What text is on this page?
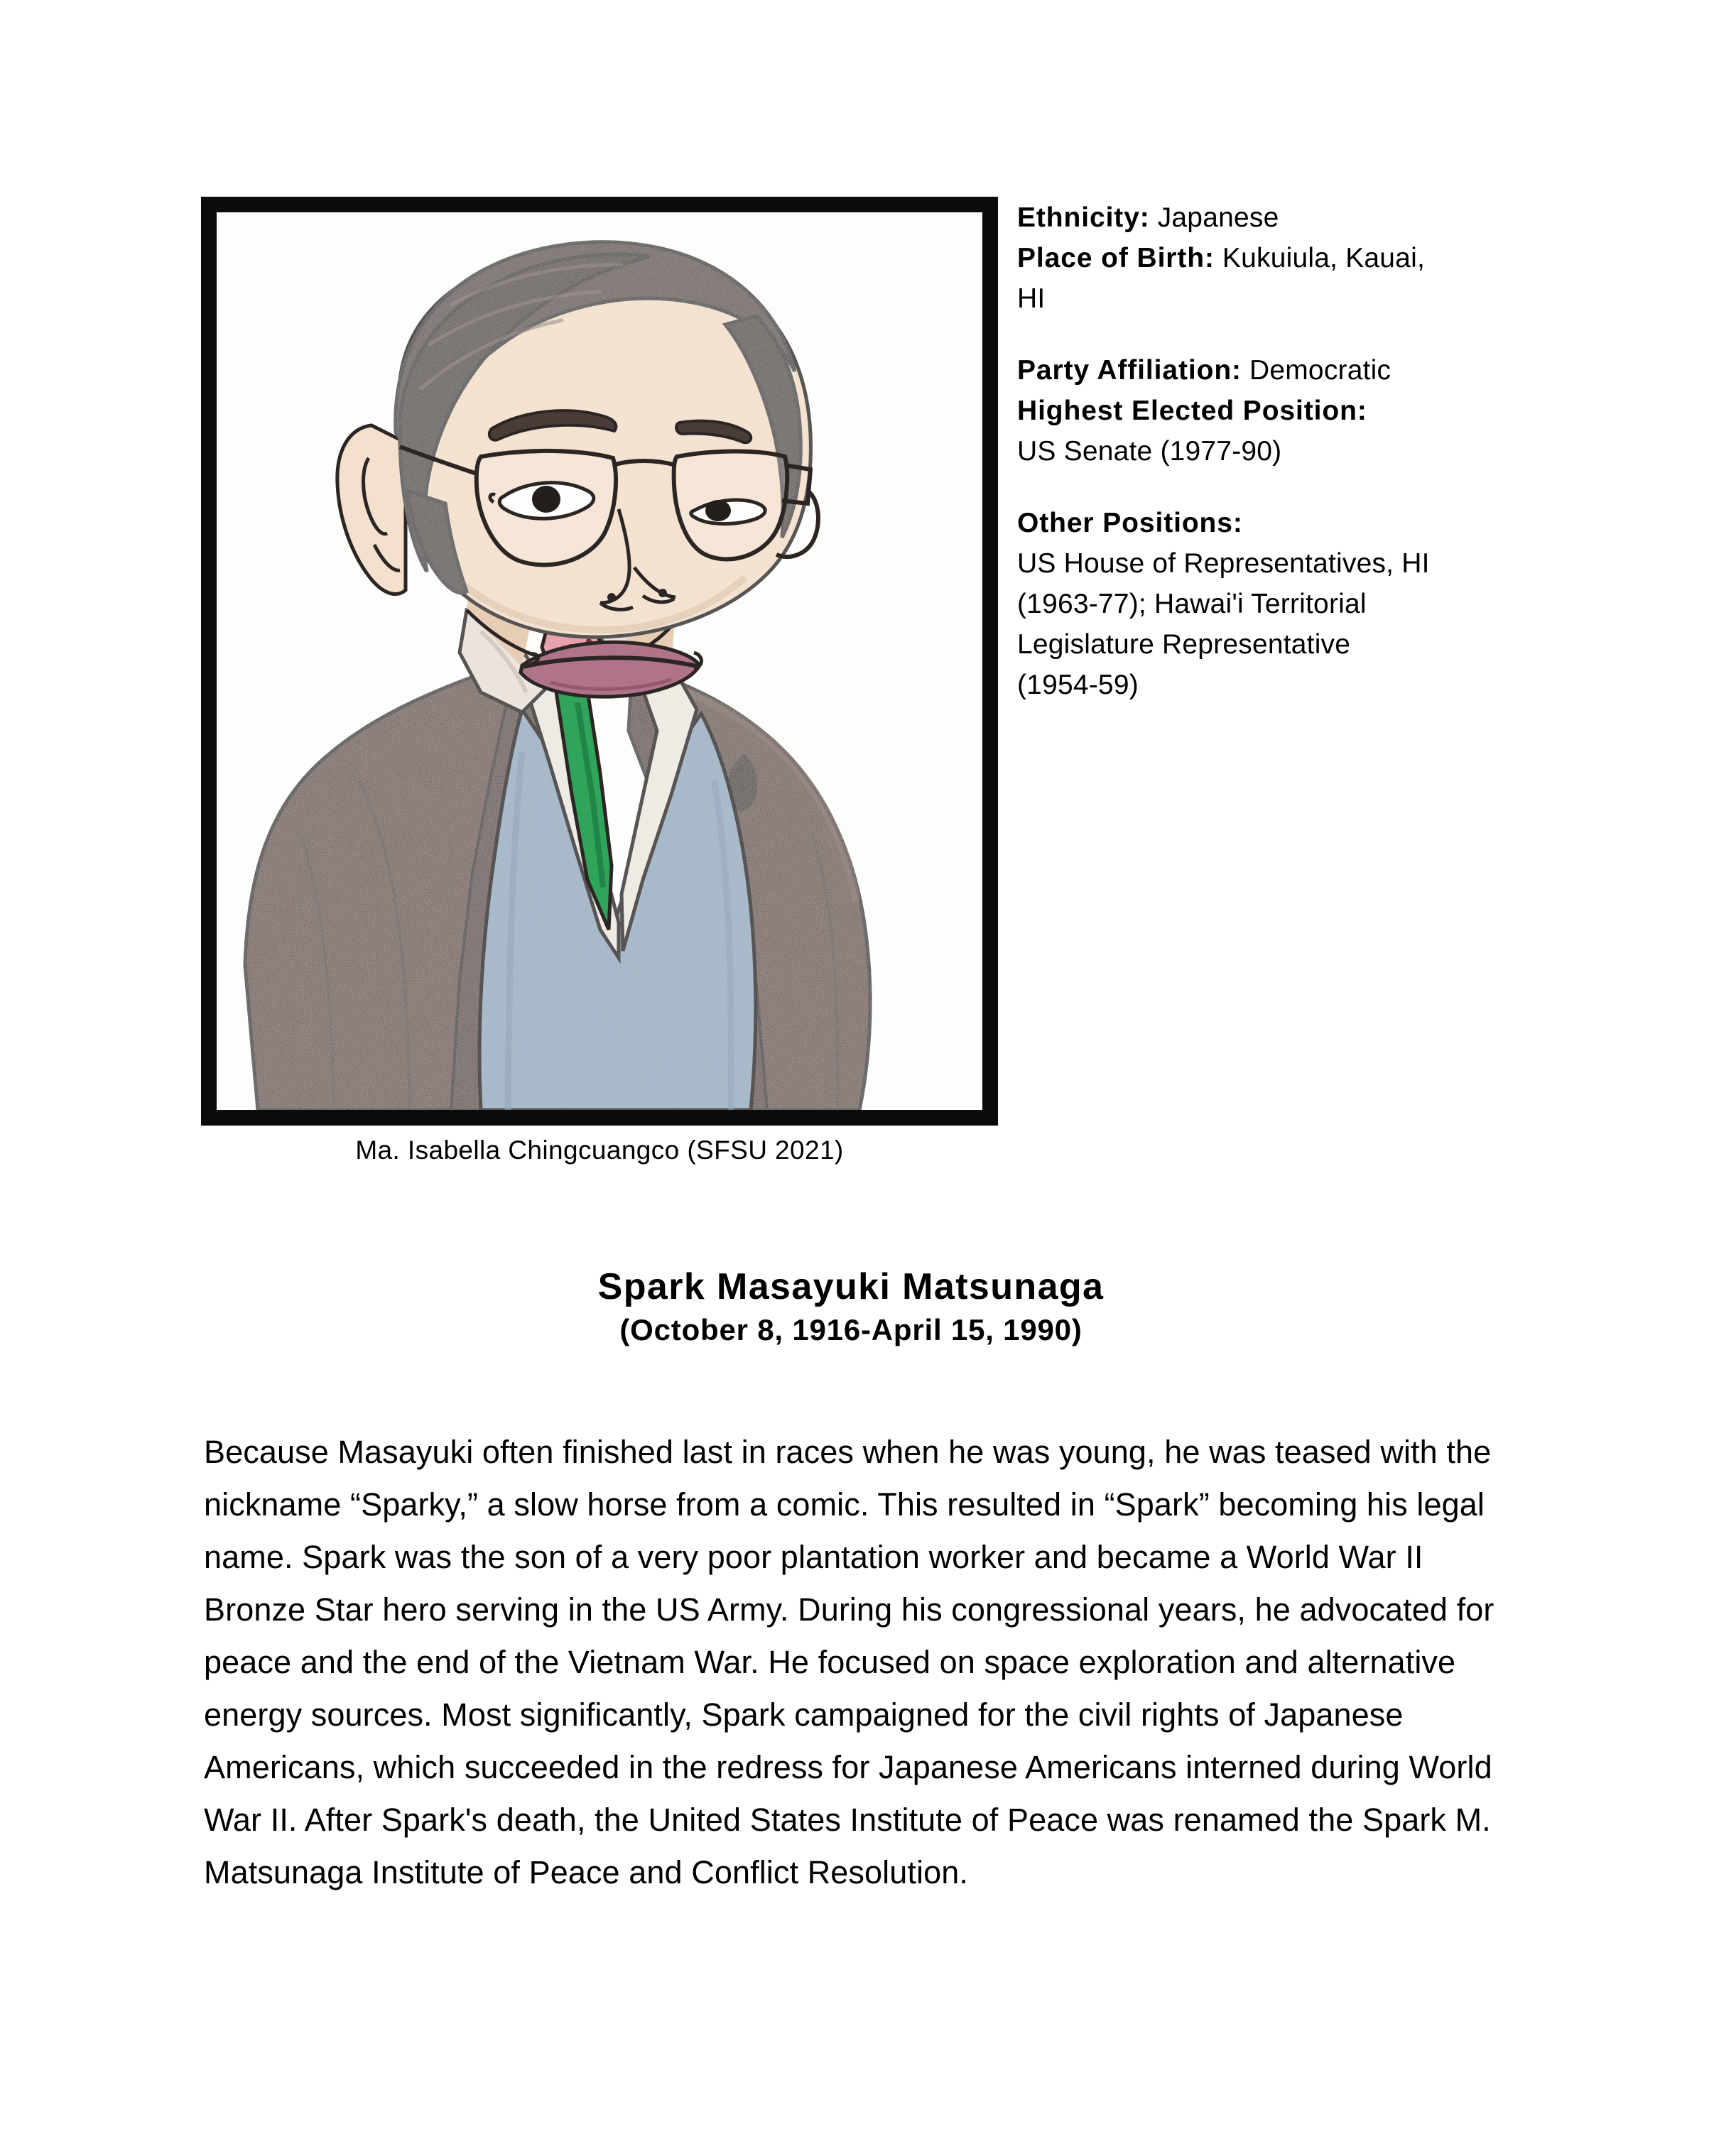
Ma. Isabella Chingcuangco (SFSU 2021)
Ethnicity: Japanese
Place of Birth: Kukuiula, Kauai,
HI
Party Affiliation: Democratic
Highest Elected Position:
US Senate (1977-90)
Other Positions:
US House of Representatives, HI
(1963-77); Hawai'i Territorial
Legislature Representative
(1954-59)
Spark Masayuki Matsunaga
(October 8, 1916-April 15, 1990)

Because Masayuki often finished last in races when he was young, he was teased with the nickname “Sparky,” a slow horse from a comic. This resulted in “Spark” becoming his legal name. Spark was the son of a very poor plantation worker and became a World War II Bronze Star hero serving in the US Army. During his congressional years, he advocated for peace and the end of the Vietnam War. He focused on space exploration and alternative energy sources. Most significantly, Spark campaigned for the civil rights of Japanese Americans, which succeeded in the redress for Japanese Americans interned during World War II. After Spark's death, the United States Institute of Peace was renamed the Spark M. Matsunaga Institute of Peace and Conflict Resolution.
